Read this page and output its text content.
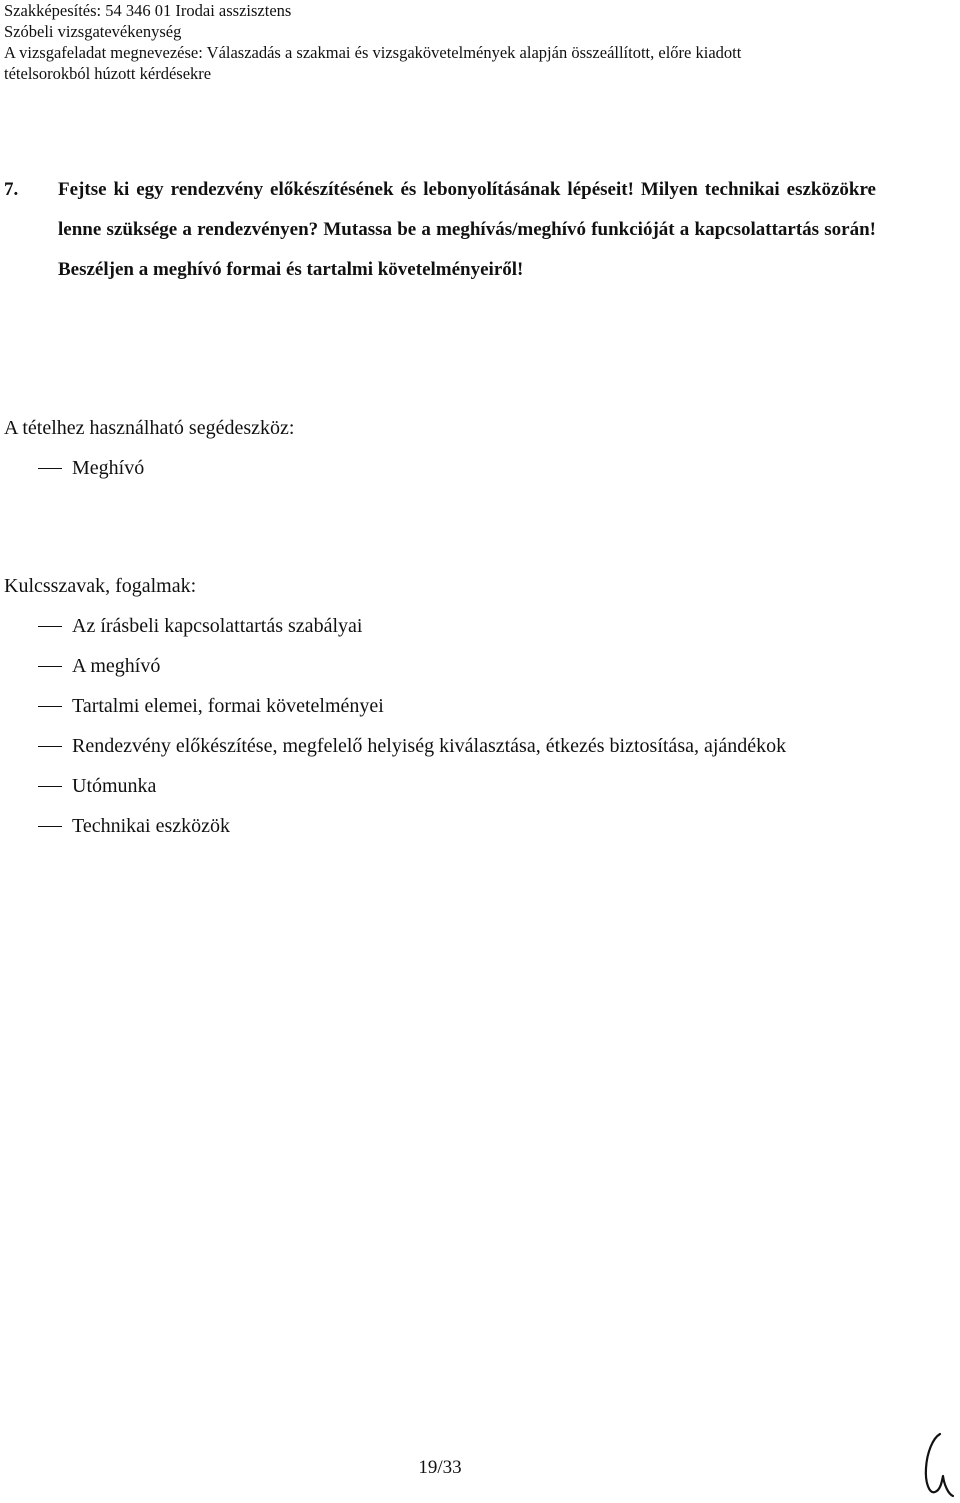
Szakképesítés: 54 346 01 Irodai asszisztens
Szóbeli vizsgatevékenység
A vizsgafeladat megnevezése: Válaszadás a szakmai és vizsgakövetelmények alapján összeállított, előre kiadott
tételsorokból húzott kérdésekre
7. Fejtse ki egy rendezvény előkészítésének és lebonyolításának lépéseit! Milyen technikai eszközökre lenne szüksége a rendezvényen? Mutassa be a meghívás/meghívó funkcióját a kapcsolattartás során! Beszéljen a meghívó formai és tartalmi követelményeiről!
A tételhez használható segédeszköz:
Meghívó
Kulcsszavak, fogalmak:
Az írásbeli kapcsolattartás szabályai
A meghívó
Tartalmi elemei, formai követelményei
Rendezvény előkészítése, megfelelő helyiség kiválasztása, étkezés biztosítása, ajándékok
Utómunka
Technikai eszközök
19/33
